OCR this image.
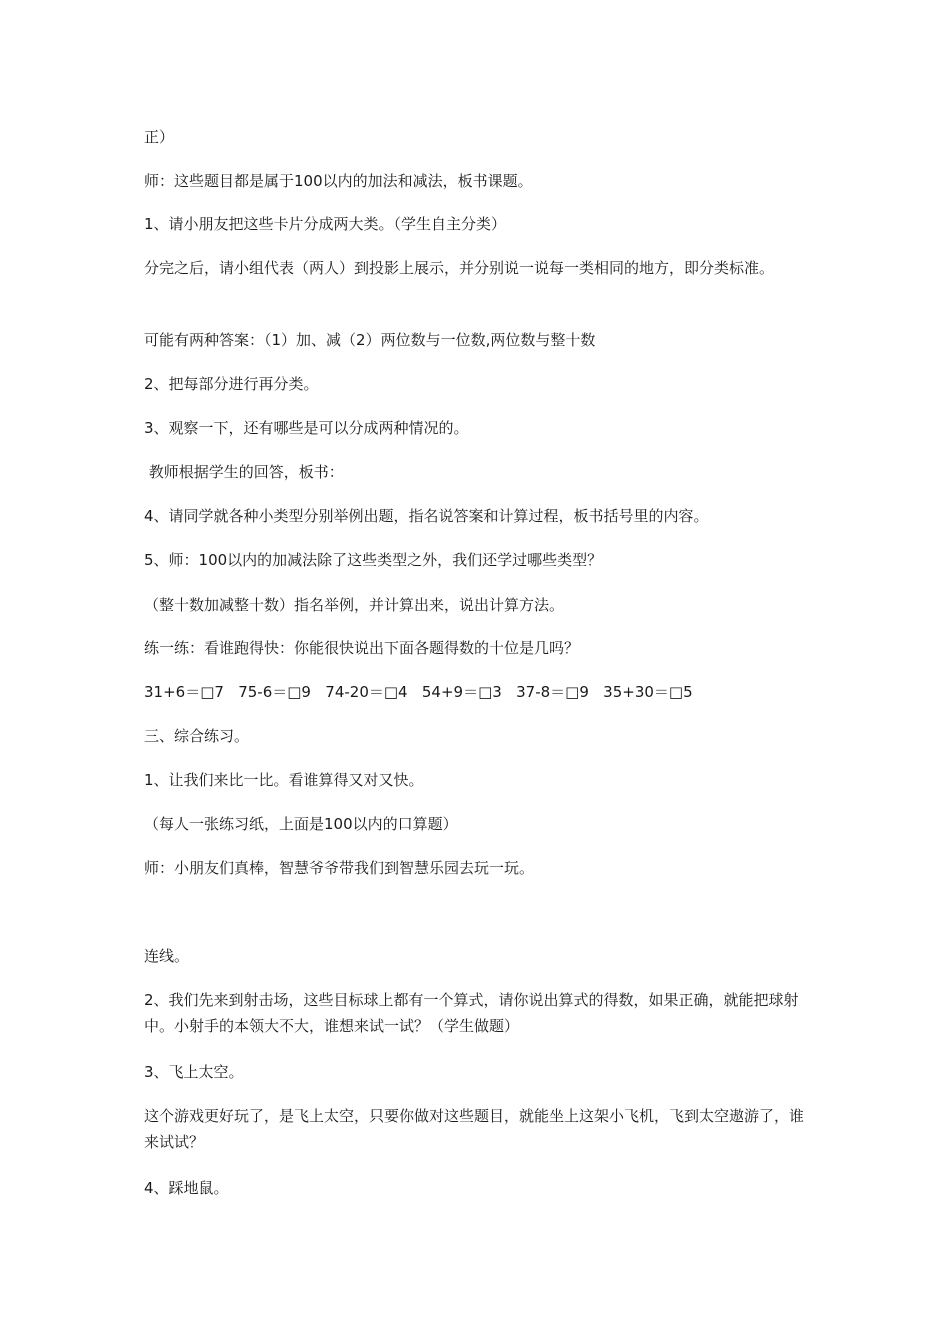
正）
师：这些题目都是属于100以内的加法和减法，板书课题。
1、请小朋友把这些卡片分成两大类。（学生自主分类）
分完之后，请小组代表（两人）到投影上展示，并分别说一说每一类相同的地方，即分类标准。
可能有两种答案：（1）加、减（2）两位数与一位数,两位数与整十数
2、把每部分进行再分类。
3、观察一下，还有哪些是可以分成两种情况的。
教师根据学生的回答，板书：
4、请同学就各种小类型分别举例出题，指名说答案和计算过程，板书括号里的内容。
5、师：100以内的加减法除了这些类型之外，我们还学过哪些类型？
（整十数加减整十数）指名举例，并计算出来，说出计算方法。
练一练：看谁跑得快：你能很快说出下面各题得数的十位是几吗？
31+6＝□7   75-6＝□9   74-20＝□4   54+9＝□3   37-8＝□9   35+30＝□5
三、综合练习。
1、让我们来比一比。看谁算得又对又快。
（每人一张练习纸，上面是100以内的口算题）
师：小朋友们真棒，智慧爷爷带我们到智慧乐园去玩一玩。
连线。
2、我们先来到射击场，这些目标球上都有一个算式，请你说出算式的得数，如果正确，就能把球射中。小射手的本领大不大，谁想来试一试？（学生做题）
3、飞上太空。
这个游戏更好玩了，是飞上太空，只要你做对这些题目，就能坐上这架小飞机，飞到太空遨游了，谁来试试？
4、踩地鼠。
